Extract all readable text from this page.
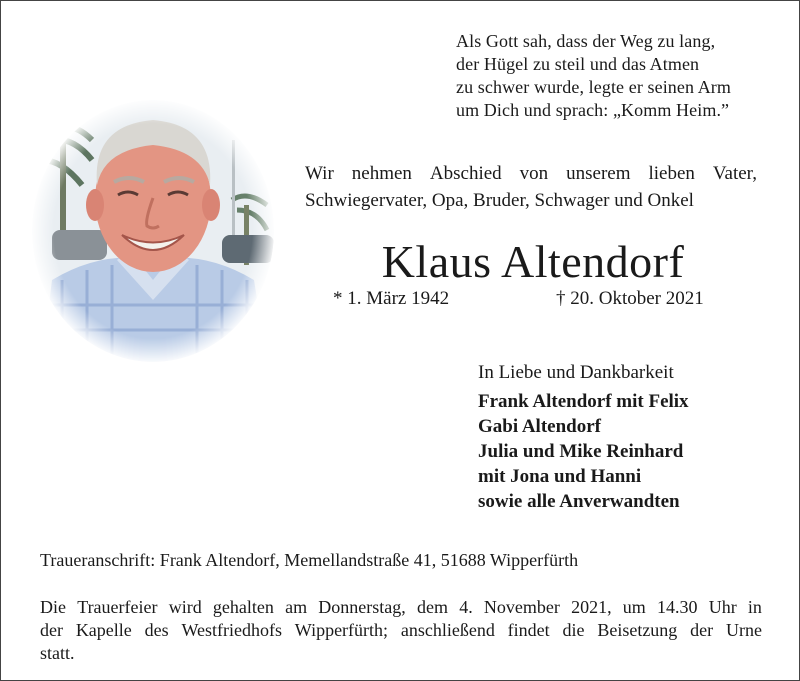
Als Gott sah, dass der Weg zu lang,
der Hügel zu steil und das Atmen
zu schwer wurde, legte er seinen Arm
um Dich und sprach: „Komm Heim.”
Wir nehmen Abschied von unserem lieben Vater,
Schwiegervater, Opa, Bruder, Schwager und Onkel
Klaus Altendorf
* 1. März 1942	† 20. Oktober 2021
In Liebe und Dankbarkeit
Frank Altendorf mit Felix
Gabi Altendorf
Julia und Mike Reinhard
mit Jona und Hanni
sowie alle Anverwandten
Traueranschrift: Frank Altendorf, Memellandstraße 41, 51688 Wipperfürth
Die Trauerfeier wird gehalten am Donnerstag, dem 4. November 2021, um 14.30 Uhr in
der Kapelle des Westfriedhofs Wipperfürth; anschließend findet die Beisetzung der Urne
statt.
